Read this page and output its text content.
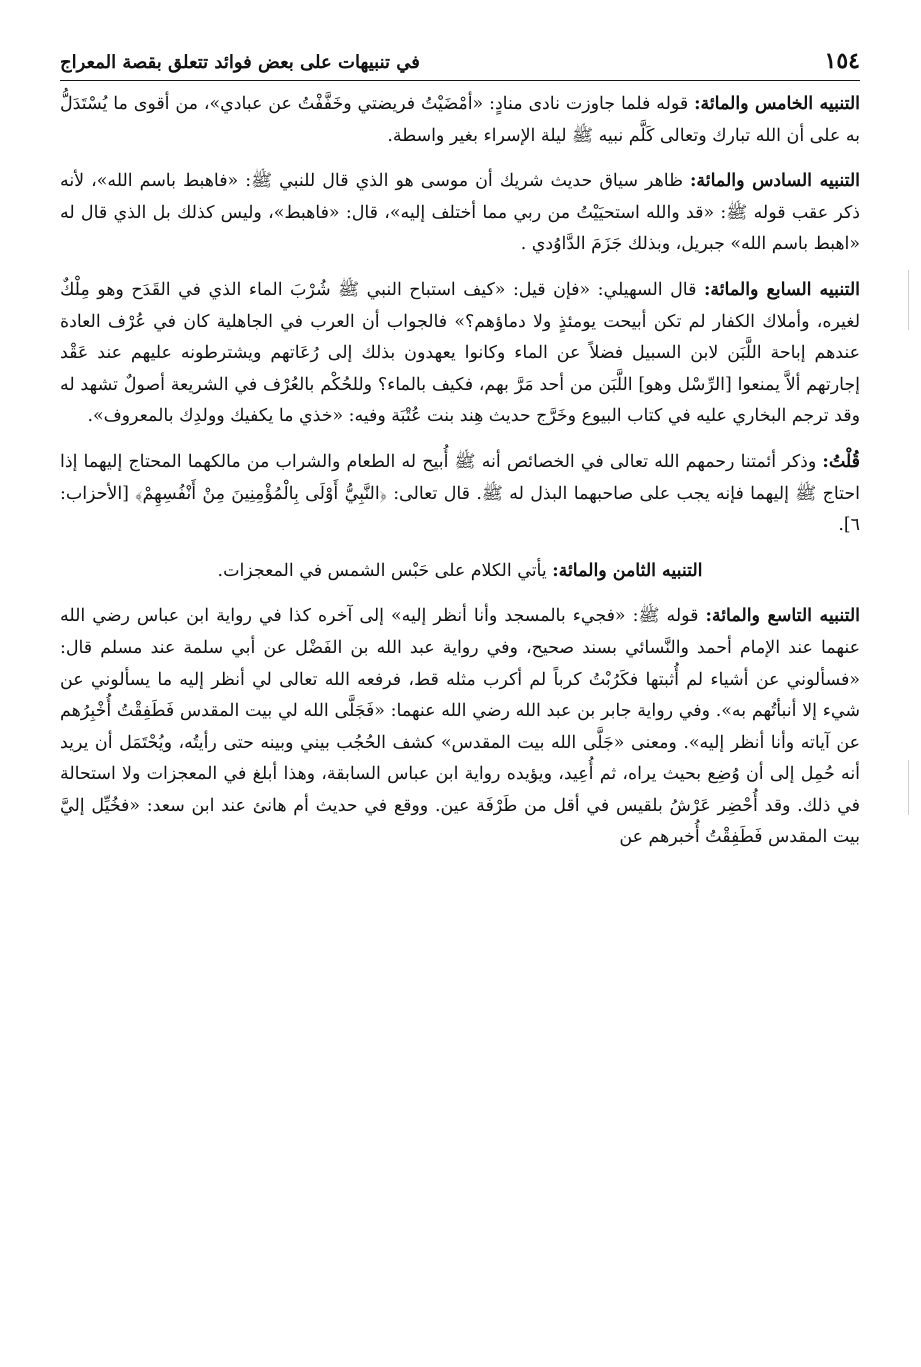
١٥٤
في تنبيهات على بعض فوائد تتعلق بقصة المعراج

التنبيه الخامس والمائة: قوله فلما جاوزت نادى منادٍ: «أمْضَيْتُ فريضتي وخَفَّفْتُ عن عبادي»، من أقوى ما يُسْتَدَلُّ به على أن الله تبارك وتعالى كَلَّم نبيه ﷺ ليلة الإسراء بغير واسطة.

التنبيه السادس والمائة: ظاهر سياق حديث شريك أن موسى هو الذي قال للنبي ﷺ: «فاهبط باسم الله»، لأنه ذكر عقب قوله ﷺ: «قد والله استحيَيْتُ من ربي مما أختلف إليه»، قال: «فاهبط»، وليس كذلك بل الذي قال له «اهبط باسم الله» جبريل، وبذلك جَزَمَ الدَّاوُدي .

التنبيه السابع والمائة: قال السهيلي: «فإن قيل: «كيف استباح النبي ﷺ شُرْبَ الماء الذي في القَدَح وهو مِلْكٌ لغيره، وأملاك الكفار لم تكن أبيحت يومئذٍ ولا دماؤهم؟» فالجواب أن العرب في الجاهلية كان في عُرْف العادة عندهم إباحة اللَّبَن لابن السبيل فضلاً عن الماء وكانوا يعهدون بذلك إلى رُعَاتهم ويشترطونه عليهم عند عَقْد إجارتهم ألاَّ يمنعوا [الرِّسْل وهو] اللَّبَن من أحد مَرَّ بهم، فكيف بالماء؟ وللحُكْم بالعُرْف في الشريعة أصولٌ تشهد له وقد ترجم البخاري عليه في كتاب البيوع وخَرَّج حديث هِند بنت عُتْبَة وفيه: «خذي ما يكفيك وولدِك بالمعروف».

قُلْتُ: وذكر أئمتنا رحمهم الله تعالى في الخصائص أنه ﷺ أُبيح له الطعام والشراب من مالكهما المحتاج إليهما إذا احتاج ﷺ إليهما فإنه يجب على صاحبهما البذل له ﷺ. قال تعالى: ﴿النَّبِيُّ أَوْلَى بِالْمُؤْمِنِينَ مِنْ أَنْفُسِهِمْ﴾ [الأحزاب: ٦].

التنبيه الثامن والمائة: يأتي الكلام على حَبْس الشمس في المعجزات.

التنبيه التاسع والمائة: قوله ﷺ: «فجيء بالمسجد وأنا أنظر إليه» إلى آخره كذا في رواية ابن عباس رضي الله عنهما عند الإمام أحمد والنَّسائي بسند صحيح، وفي رواية عبد الله بن الفَضْل عن أبي سلمة عند مسلم قال: «فسألوني عن أشياء لم أُثبتها فكَرُبْتُ كرباً لم أكرب مثله قط، فرفعه الله تعالى لي أنظر إليه ما يسألوني عن شيء إلا أنبأتُهم به». وفي رواية جابر بن عبد الله رضي الله عنهما: «فَجَلَّى الله لي بيت المقدس فَطَفِقْتُ أُخْبِرُهم عن آياته وأنا أنظر إليه». ومعنى «جَلَّى الله بيت المقدس» كشف الحُجُب بيني وبينه حتى رأيتُه، ويُحْتَمَل أن يريد أنه حُمِل إلى أن وُضِع بحيث يراه، ثم أُعِيد، ويؤيده رواية ابن عباس السابقة، وهذا أبلغ في المعجزات ولا استحالة في ذلك. وقد أُحْضِر عَرْشُ بلقيس في أقل من طَرْفَة عين. ووقع في حديث أم هانئ عند ابن سعد: «فخُيِّل إليَّ بيت المقدس فَطَفِقْتُ أُخبرهم عن
